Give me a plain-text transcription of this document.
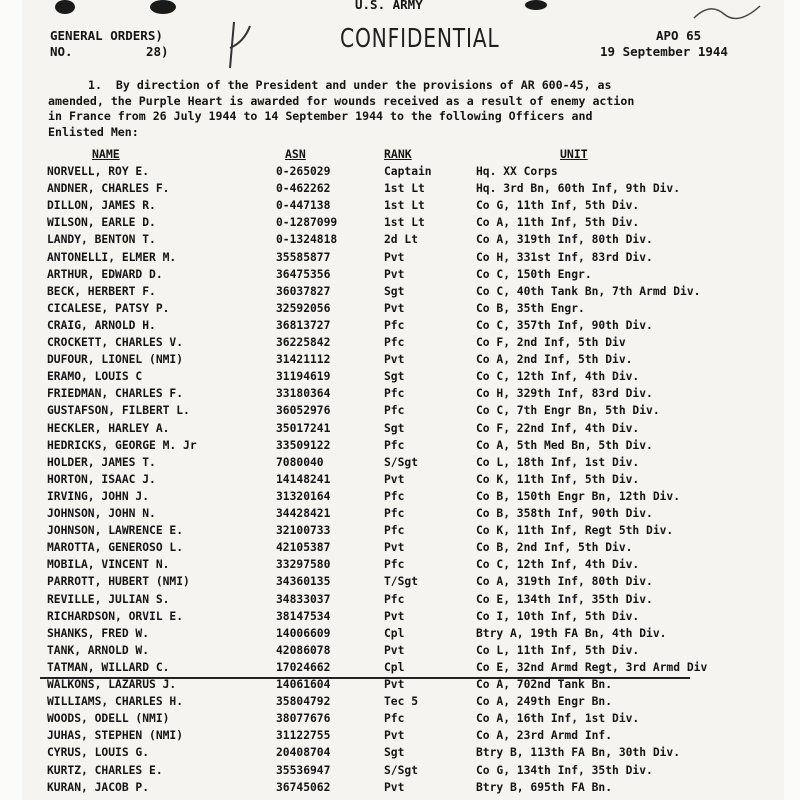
U.S. ARMY
GENERAL ORDERS)
NO.	28)	CONFIDENTIAL	APO 65
19 September 1944
1.  By direction of the President and under the provisions of AR 600-45, as
amended, the Purple Heart is awarded for wounds received as a result of enemy action
in France from 26 July 1944 to 14 September 1944 to the following Officers and
Enlisted Men:
NAME	ASN	RANK	UNIT
NORVELL, ROY E.	0-265029	Captain	Hq. XX Corps
ANDNER, CHARLES F.	0-462262	1st Lt	Hq. 3rd Bn, 60th Inf, 9th Div.
DILLON, JAMES R.	0-447138	1st Lt	Co G, 11th Inf, 5th Div.
WILSON, EARLE D.	0-1287099	1st Lt	Co A, 11th Inf, 5th Div.
LANDY, BENTON T.	0-1324818	2d Lt	Co A, 319th Inf, 80th Div.
ANTONELLI, ELMER M.	35585877	Pvt	Co H, 331st Inf, 83rd Div.
ARTHUR, EDWARD D.	36475356	Pvt	Co C, 150th Engr.
BECK, HERBERT F.	36037827	Sgt	Co C, 40th Tank Bn, 7th Armd Div.
CICALESE, PATSY P.	32592056	Pvt	Co B, 35th Engr.
CRAIG, ARNOLD H.	36813727	Pfc	Co C, 357th Inf, 90th Div.
CROCKETT, CHARLES V.	36225842	Pfc	Co F, 2nd Inf, 5th Div
DUFOUR, LIONEL (NMI)	31421112	Pvt	Co A, 2nd Inf, 5th Div.
ERAMO, LOUIS C	31194619	Sgt	Co C, 12th Inf, 4th Div.
FRIEDMAN, CHARLES F.	33180364	Pfc	Co H, 329th Inf, 83rd Div.
GUSTAFSON, FILBERT L.	36052976	Pfc	Co C, 7th Engr Bn, 5th Div.
HECKLER, HARLEY A.	35017241	Sgt	Co F, 22nd Inf, 4th Div.
HEDRICKS, GEORGE M. Jr	33509122	Pfc	Co A, 5th Med Bn, 5th Div.
HOLDER, JAMES T.	7080040	S/Sgt	Co L, 18th Inf, 1st Div.
HORTON, ISAAC J.	14148241	Pvt	Co K, 11th Inf, 5th Div.
IRVING, JOHN J.	31320164	Pfc	Co B, 150th Engr Bn, 12th Div.
JOHNSON, JOHN N.	34428421	Pfc	Co B, 358th Inf, 90th Div.
JOHNSON, LAWRENCE E.	32100733	Pfc	Co K, 11th Inf, Regt 5th Div.
MAROTTA, GENEROSO L.	42105387	Pvt	Co B, 2nd Inf, 5th Div.
MOBILA, VINCENT N.	33297580	Pfc	Co C, 12th Inf, 4th Div.
PARROTT, HUBERT (NMI)	34360135	T/Sgt	Co A, 319th Inf, 80th Div.
REVILLE, JULIAN S.	34833037	Pfc	Co E, 134th Inf, 35th Div.
RICHARDSON, ORVIL E.	38147534	Pvt	Co I, 10th Inf, 5th Div.
SHANKS, FRED W.	14006609	Cpl	Btry A, 19th FA Bn, 4th Div.
TANK, ARNOLD W.	42086078	Pvt	Co L, 11th Inf, 5th Div.
TATMAN, WILLARD C.	17024662	Cpl	Co E, 32nd Armd Regt, 3rd Armd Div
WALKONS, LAZARUS J.	14061604	Pvt	Co A, 702nd Tank Bn.
WILLIAMS, CHARLES H.	35804792	Tec 5	Co A, 249th Engr Bn.
WOODS, ODELL (NMI)	38077676	Pfc	Co A, 16th Inf, 1st Div.
JUHAS, STEPHEN (NMI)	31122755	Pvt	Co A, 23rd Armd Inf.
CYRUS, LOUIS G.	20408704	Sgt	Btry B, 113th FA Bn, 30th Div.
KURTZ, CHARLES E.	35536947	S/Sgt	Co G, 134th Inf, 35th Div.
KURAN, JACOB P.	36745062	Pvt	Btry B, 695th FA Bn.
